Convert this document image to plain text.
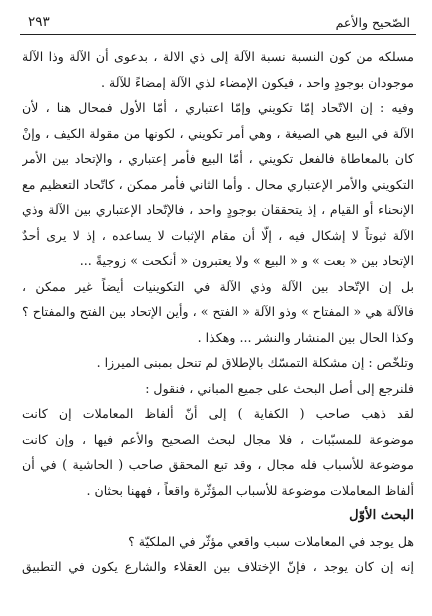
الصّحيح والأعم
٢٩٣
مسلكه من كون النسبة نسبة الآلة إلى ذي الالة ، بدعوى أن الآلة وذا الآلة
موجودان بوجودٍ واحد ، فيكون الإمضاء لذي الآلة إمضاءً للآلة .
وفيه : إن الاتّحاد إمّا تكويني وإمّا اعتباري ، أمّا الأول فمحال هنا ، لأن
الآلة في البيع هي الصيغة ، وهي أمر تكويني ، لكونها من مقولة الكيف ، وإنْ
كان بالمعاطاة فالفعل تكويني ، أمّا البيع فأمر إعتباري ، والإتحاد بين الأمر
التكويني والأمر الإعتباري محال . وأما الثاني فأمر ممكن ، كاتّحاد التعظيم مع
الإنحناء أو القيام ، إذ يتحققان بوجودٍ واحد ، فالإتّحاد الإعتباري بين الآلة وذي
الآلة ثبوتاً لا إشكال فيه ، إلّا أن مقام الإثبات لا يساعده ، إذ لا يرى أحدٌ
الإتحاد بين « بعت » و « البيع » ولا يعتبرون « أنكحت » زوجيةً ...
بل إن الإتّحاد بين الآلة وذي الآلة في التكوينيات أيضاً غير ممكن ،
فالآلة هي « المفتاح » وذو الآلة « الفتح » ، وأين الإتحاد بين الفتح والمفتاح ؟
وكذا الحال بين المنشار والنشر ... وهكذا .
وتلخّص : إن مشكلة التمسّك بالإطلاق لم تنحل بمبنى الميرزا .
فلنرجع إلى أصل البحث على جميع المباني ، فنقول :
لقد ذهب صاحب ( الكفاية ) إلى أنّ ألفاظ المعاملات إن كانت
موضوعة للمسبّبات ، فلا مجال لبحث الصحيح والأعم فيها ، وإن كانت
موضوعة للأسباب فله مجال ، وقد تبع المحقق صاحب ( الحاشية ) في أن
ألفاظ المعاملات موضوعة للأسباب المؤثّرة واقعاً ، فههنا بحثان .
البحث الأوّل
هل يوجد في المعاملات سبب واقعي مؤثّر في الملكيّة ؟
إنه إن كان يوجد ، فإنّ الإختلاف بين العقلاء والشارع يكون في التطبيق
